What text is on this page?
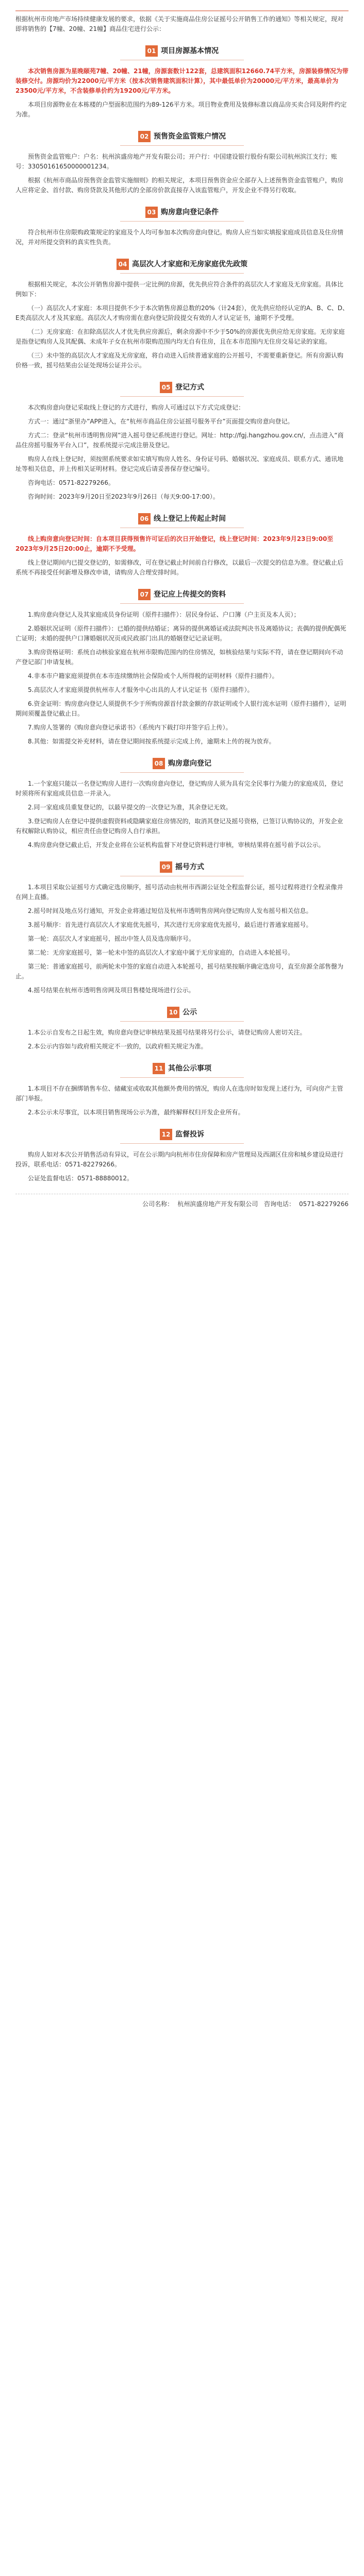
根据杭州市房地产市场持续健康发展的要求，依据《关于实施商品住房公证摇号公开销售工作的通知》等相关规定，现对即将销售的【7幢、20幢、21幢】商品住宅进行公示：

01 项目房源基本情况

本次销售房源为星晚颐苑7幢、20幢、21幢，房源套数计122套，总建筑面积12660.74平方米，房源装修情况为带装修交付。房源均价为22000元/平方米（按本次销售建筑面积计算），其中最低单价为20000元/平方米，最高单价为23500元/平方米，不含装修单价约为19200元/平方米。

本项目房源物业在本栋楼的户型面积范围约为89-126平方米。项目物业费用及装修标准以商品房买卖合同及附件约定为准。

02 预售资金监管账户情况

预售资金监管账户：户名：杭州滨盛房地产开发有限公司；开户行：中国建设银行股份有限公司杭州滨江支行；账号：33050161650000001234。

根据《杭州市商品房预售资金监管实施细则》的相关规定，本项目预售资金应全部存入上述预售资金监管账户，购房人应将定金、首付款、购房贷款及其他形式的全部房价款直接存入该监管账户，开发企业不得另行收取。

03 购房意向登记条件

符合杭州市住房限购政策规定的家庭及个人均可参加本次购房意向登记。购房人应当如实填报家庭成员信息及住房情况，并对所提交资料的真实性负责。

04 高层次人才家庭和无房家庭优先政策

根据相关规定，本次公开销售房源中提供一定比例的房源，优先供应符合条件的高层次人才家庭及无房家庭。具体比例如下：

（一）高层次人才家庭：本项目提供不少于本次销售房源总数的20%（计24套），优先供应给经认定的A、B、C、D、E类高层次人才及其家庭。高层次人才购房需在意向登记阶段提交有效的人才认定证书，逾期不予受理。

（二）无房家庭：在扣除高层次人才优先供应房源后，剩余房源中不少于50%的房源优先供应给无房家庭。无房家庭是指登记购房人及其配偶、未成年子女在杭州市限购范围内均无自有住房，且在本市范围内无住房交易记录的家庭。

（三）未中签的高层次人才家庭及无房家庭，将自动进入后续普通家庭的公开摇号，不需要重新登记。所有房源认购价格一致，摇号结果由公证处现场公证并公示。

05 登记方式

本次购房意向登记采取线上登记的方式进行，购房人可通过以下方式完成登记：

方式一：通过“浙里办”APP进入，在“杭州市商品住房公证摇号服务平台”页面提交购房意向登记。

方式二：登录“杭州市透明售房网”进入摇号登记系统进行登记。网址：http://fgj.hangzhou.gov.cn/，点击进入“商品住房摇号服务平台入口”，按系统提示完成注册及登记。

购房人在线上登记时，须按照系统要求如实填写购房人姓名、身份证号码、婚姻状况、家庭成员、联系方式、通讯地址等相关信息，并上传相关证明材料。登记完成后请妥善保存登记编号。

咨询电话：0571-82279266。

咨询时间：2023年9月20日至2023年9月26日（每天9:00-17:00）。

06 线上登记上传起止时间

线上购房意向登记时间：自本项目获得预售许可证后的次日开始登记，线上登记时间：2023年9月23日9:00至2023年9月25日20:00止，逾期不予受理。

线上登记期间内已提交登记的，如需修改，可在登记截止时间前自行修改，以最后一次提交的信息为准。登记截止后系统不再接受任何新增及修改申请，请购房人合理安排时间。

07 登记应上传提交的资料

1.购房意向登记人及其家庭成员身份证明（原件扫描件）：居民身份证、户口簿（户主页及本人页）；

2.婚姻状况证明（原件扫描件）：已婚的提供结婚证；离异的提供离婚证或法院判决书及离婚协议；丧偶的提供配偶死亡证明；未婚的提供户口簿婚姻状况页或民政部门出具的婚姻登记记录证明。

3.购房资格证明：系统自动核验家庭在杭州市限购范围内的住房情况，如核验结果与实际不符，请在登记期间向不动产登记部门申请复核。

4.非本市户籍家庭须提供在本市连续缴纳社会保险或个人所得税的证明材料（原件扫描件）。

5.高层次人才家庭须提供杭州市人才服务中心出具的人才认定证书（原件扫描件）。

6.资金证明：购房意向登记人须提供不少于所购房源首付款金额的存款证明或个人银行流水证明（原件扫描件），证明期间须覆盖登记截止日。

7.购房人签署的《购房意向登记承诺书》（系统内下载打印并签字后上传）。

8.其他：如需提交补充材料，请在登记期间按系统提示完成上传，逾期未上传的视为放弃。

08 购房意向登记

1.一个家庭只能以一名登记购房人进行一次购房意向登记，登记购房人须为具有完全民事行为能力的家庭成员，登记时须将所有家庭成员信息一并录入。

2.同一家庭成员重复登记的，以最早提交的一次登记为准，其余登记无效。

3.登记购房人在登记中提供虚假资料或隐瞒家庭住房情况的，取消其登记及摇号资格，已签订认购协议的，开发企业有权解除认购协议，相应责任由登记购房人自行承担。

4.购房意向登记截止后，开发企业将在公证机构监督下对登记资料进行审核，审核结果将在摇号前予以公示。

09 摇号方式

1.本项目采取公证摇号方式确定选房顺序，摇号活动由杭州市西湖公证处全程监督公证，摇号过程将进行全程录像并在网上直播。

2.摇号时间及地点另行通知，开发企业将通过短信及杭州市透明售房网向登记购房人发布摇号相关信息。

3.摇号顺序：首先进行高层次人才家庭优先摇号，其次进行无房家庭优先摇号，最后进行普通家庭摇号。

第一轮：高层次人才家庭摇号，摇出中签人员及选房顺序号。

第二轮：无房家庭摇号，第一轮未中签的高层次人才家庭中属于无房家庭的，自动进入本轮摇号。

第三轮：普通家庭摇号，前两轮未中签的家庭自动进入本轮摇号，摇号结果按顺序确定选房号，直至房源全部售罄为止。

4.摇号结果在杭州市透明售房网及项目售楼处现场进行公示。

10 公示

1.本公示自发布之日起生效，购房意向登记审核结果及摇号结果将另行公示，请登记购房人密切关注。

2.本公示内容如与政府相关规定不一致的，以政府相关规定为准。

11 其他公示事项

1.本项目不存在捆绑销售车位、储藏室或收取其他额外费用的情况，购房人在选房时如发现上述行为，可向房产主管部门举报。

2.本公示未尽事宜，以本项目销售现场公示为准，最终解释权归开发企业所有。

12 监督投诉

购房人如对本次公开销售活动有异议，可在公示期内向杭州市住房保障和房产管理局及西湖区住房和城乡建设局进行投诉，联系电话：0571-82279266。

公证处监督电话：0571-88880012。

公司名称： 杭州滨盛房地产开发有限公司 咨询电话： 0571-82279266
